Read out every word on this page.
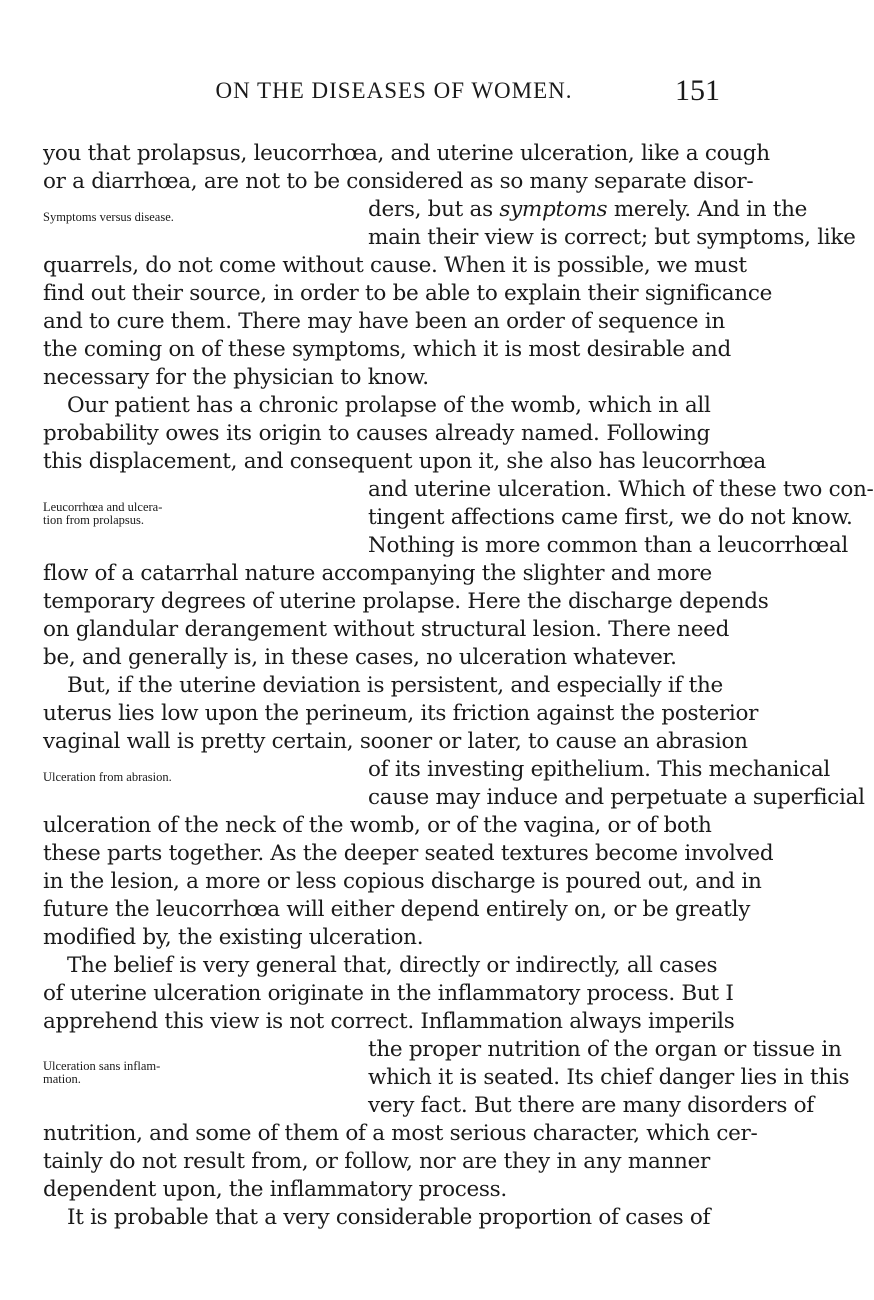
ON THE DISEASES OF WOMEN.	151
you that prolapsus, leucorrhœa, and uterine ulceration, like a cough
or a diarrhœa, are not to be considered as so many separate disor-
ders, but as symptoms merely. And in the
Symptoms versus disease.
main their view is correct; but symptoms, like
quarrels, do not come without cause. When it is possible, we must
find out their source, in order to be able to explain their significance
and to cure them. There may have been an order of sequence in
the coming on of these symptoms, which it is most desirable and
necessary for the physician to know.
Our patient has a chronic prolapse of the womb, which in all
probability owes its origin to causes already named. Following
this displacement, and consequent upon it, she also has leucorrhœa
and uterine ulceration. Which of these two con-
Leucorrhœa and ulcera-	tingent affections came first, we do not know.
tion from prolapsus.
Nothing is more common than a leucorrhœal
flow of a catarrhal nature accompanying the slighter and more
temporary degrees of uterine prolapse. Here the discharge depends
on glandular derangement without structural lesion. There need
be, and generally is, in these cases, no ulceration whatever.
But, if the uterine deviation is persistent, and especially if the
uterus lies low upon the perineum, its friction against the posterior
vaginal wall is pretty certain, sooner or later, to cause an abrasion
of its investing epithelium. This mechanical
Ulceration from abrasion.
cause may induce and perpetuate a superficial
ulceration of the neck of the womb, or of the vagina, or of both
these parts together. As the deeper seated textures become involved
in the lesion, a more or less copious discharge is poured out, and in
future the leucorrhœa will either depend entirely on, or be greatly
modified by, the existing ulceration.
The belief is very general that, directly or indirectly, all cases
of uterine ulceration originate in the inflammatory process. But I
apprehend this view is not correct. Inflammation always imperils
the proper nutrition of the organ or tissue in
Ulceration sans inflam-	which it is seated. Its chief danger lies in this
mation.
very fact. But there are many disorders of
nutrition, and some of them of a most serious character, which cer-
tainly do not result from, or follow, nor are they in any manner
dependent upon, the inflammatory process.
It is probable that a very considerable proportion of cases of
